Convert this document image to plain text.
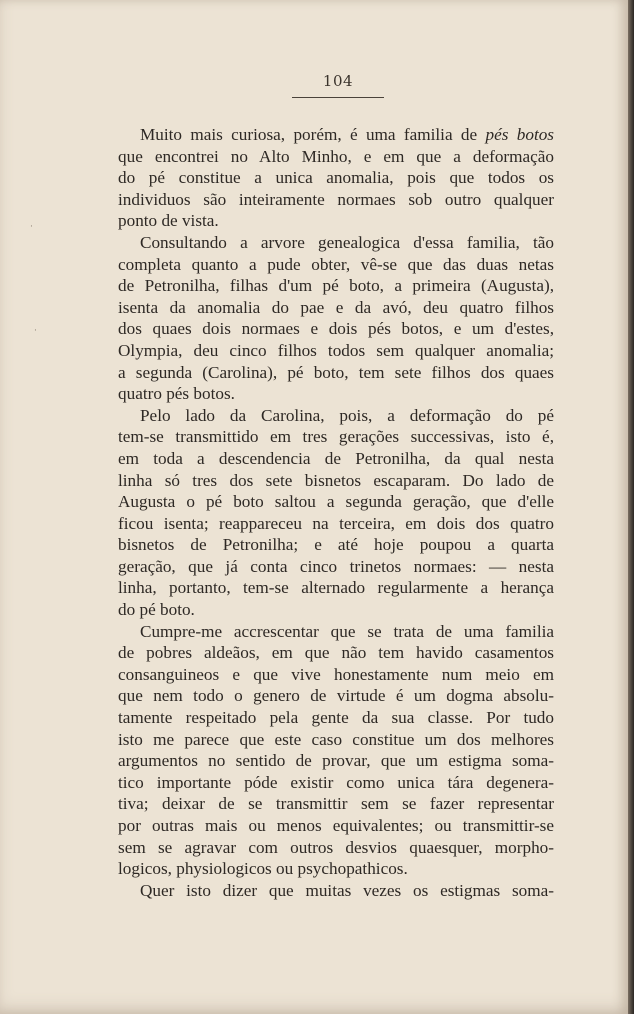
104
Muito mais curiosa, porém, é uma familia de pés botos
que encontrei no Alto Minho, e em que a deformação
do pé constitue a unica anomalia, pois que todos os
individuos são inteiramente normaes sob outro qualquer
ponto de vista.
Consultando a arvore genealogica d'essa familia, tão
completa quanto a pude obter, vê-se que das duas netas
de Petronilha, filhas d'um pé boto, a primeira (Augusta),
isenta da anomalia do pae e da avó, deu quatro filhos
dos quaes dois normaes e dois pés botos, e um d'estes,
Olympia, deu cinco filhos todos sem qualquer anomalia;
a segunda (Carolina), pé boto, tem sete filhos dos quaes
quatro pés botos.
Pelo lado da Carolina, pois, a deformação do pé
tem-se transmittido em tres gerações successivas, isto é,
em toda a descendencia de Petronilha, da qual nesta
linha só tres dos sete bisnetos escaparam. Do lado de
Augusta o pé boto saltou a segunda geração, que d'elle
ficou isenta; reappareceu na terceira, em dois dos quatro
bisnetos de Petronilha; e até hoje poupou a quarta
geração, que já conta cinco trinetos normaes: — nesta
linha, portanto, tem-se alternado regularmente a herança
do pé boto.
Cumpre-me accrescentar que se trata de uma familia
de pobres aldeãos, em que não tem havido casamentos
consanguineos e que vive honestamente num meio em
que nem todo o genero de virtude é um dogma absolu-
tamente respeitado pela gente da sua classe. Por tudo
isto me parece que este caso constitue um dos melhores
argumentos no sentido de provar, que um estigma soma-
tico importante póde existir como unica tára degenera-
tiva; deixar de se transmittir sem se fazer representar
por outras mais ou menos equivalentes; ou transmittir-se
sem se agravar com outros desvios quaesquer, morpho-
logicos, physiologicos ou psychopathicos.
Quer isto dizer que muitas vezes os estigmas soma-
·
·
